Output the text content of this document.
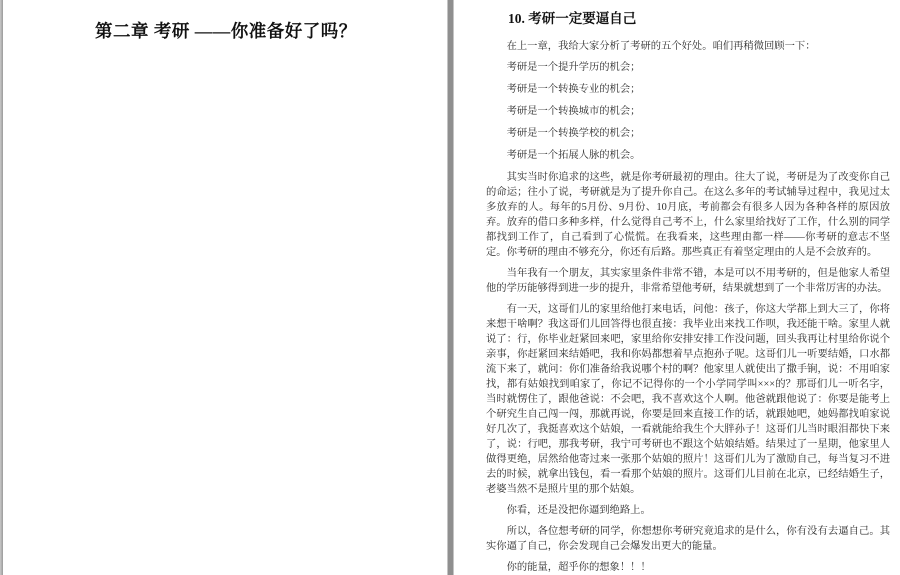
第二章 考研 ——你准备好了吗？
10. 考研一定要逼自己

在上一章，我给大家分析了考研的五个好处。咱们再稍微回顾一下：

考研是一个提升学历的机会；

考研是一个转换专业的机会；

考研是一个转换城市的机会；

考研是一个转换学校的机会；

考研是一个拓展人脉的机会。

其实当时你追求的这些，就是你考研最初的理由。往大了说，考研是为了改变你自己的命运；往小了说，考研就是为了提升你自己。在这么多年的考试辅导过程中，我见过太多放弃的人。每年的5月份、9月份、10月底，考前都会有很多人因为各种各样的原因放弃。放弃的借口多种多样，什么觉得自己考不上，什么家里给找好了工作，什么别的同学都找到工作了，自己看到了心慌慌。在我看来，这些理由都一样——你考研的意志不坚定。你考研的理由不够充分，你还有后路。那些真正有着坚定理由的人是不会放弃的。

当年我有一个朋友，其实家里条件非常不错，本是可以不用考研的，但是他家人希望他的学历能够得到进一步的提升，非常希望他考研，结果就想到了一个非常厉害的办法。

有一天，这哥们儿的家里给他打来电话，问他：孩子，你这大学都上到大三了，你将来想干啥啊？我这哥们儿回答得也很直接：我毕业出来找工作呗，我还能干啥。家里人就说了：行，你毕业赶紧回来吧，家里给你安排安排工作没问题，回头我再让村里给你说个亲事，你赶紧回来结婚吧，我和你妈都想着早点抱孙子呢。这哥们儿一听要结婚，口水都流下来了，就问：你们准备给我说哪个村的啊？他家里人就使出了撒手锏，说：不用咱家找，都有姑娘找到咱家了，你记不记得你的一个小学同学叫×××的？那哥们儿一听名字，当时就愣住了，跟他爸说：不会吧，我不喜欢这个人啊。他爸就跟他说了：你要是能考上个研究生自己闯一闯，那就再说，你要是回来直接工作的话，就跟她吧，她妈都找咱家说好几次了，我挺喜欢这个姑娘，一看就能给我生个大胖孙子！这哥们儿当时眼泪都快下来了，说：行吧，那我考研，我宁可考研也不跟这个姑娘结婚。结果过了一星期，他家里人做得更绝，居然给他寄过来一张那个姑娘的照片！这哥们儿为了激励自己，每当复习不进去的时候，就拿出钱包，看一看那个姑娘的照片。这哥们儿目前在北京，已经结婚生子，老婆当然不是照片里的那个姑娘。

你看，还是没把你逼到绝路上。

所以，各位想考研的同学，你想想你考研究竟追求的是什么，你有没有去逼自己。其实你逼了自己，你会发现自己会爆发出更大的能量。

你的能量，超乎你的想象！！！
